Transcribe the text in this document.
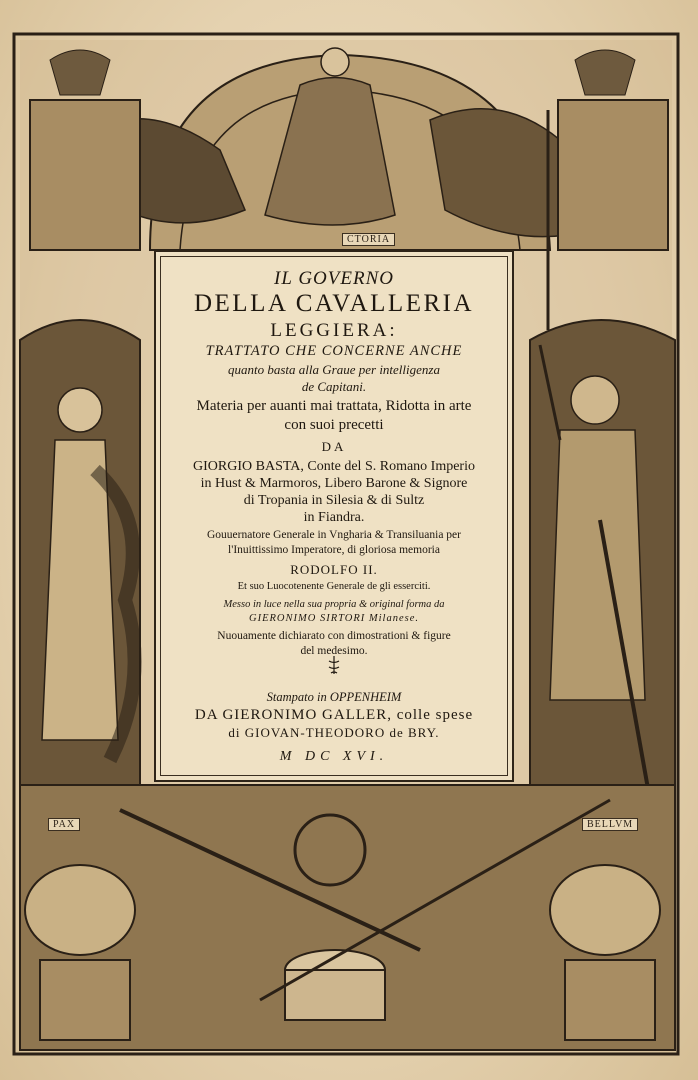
CTORIA
PAX	BELLVM
IL GOVERNO
DELLA CAVALLERIA
LEGGIERA:
TRATTATO CHE CONCERNE ANCHE
quanto basta alla Graue per intelligenza
de Capitani.
Materia per auanti mai trattata, Ridotta in arte
con suoi precetti
DA
GIORGIO BASTA, Conte del S. Romano Imperio
in Hust & Marmoros, Libero Barone & Signore
di Tropania in Silesia & di Sultz
in Fiandra.
Gouuernatore Generale in Vngharia & Transiluania per
l'Inuittissimo Imperatore, di gloriosa memoria
RODOLFO II.
Et suo Luocotenente Generale de gli esserciti.
Messo in luce nella sua propria & original forma da
GIERONIMO SIRTORI Milanese.
Nuouamente dichiarato con dimostrationi & figure
del medesimo.
Stampato in OPPENHEIM
DA GIERONIMO GALLER, colle spese
di GIOVAN-THEODORO de BRY.
M DC XVI.
